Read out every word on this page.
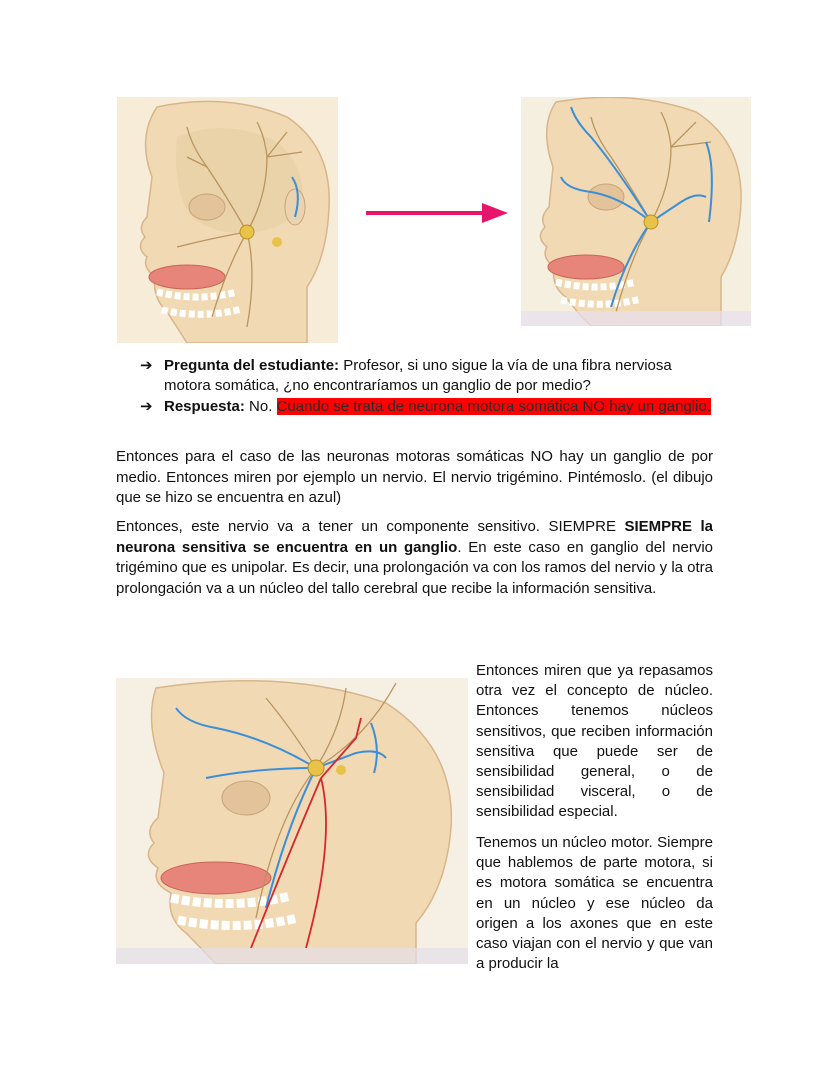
➔ Pregunta del estudiante: Profesor, si uno sigue la vía de una fibra nerviosa motora somática, ¿no encontraríamos un ganglio de por medio?
➔ Respuesta: No. Cuando se trata de neurona motora somática NO hay un ganglio.
Entonces para el caso de las neuronas motoras somáticas NO hay un ganglio de por medio. Entonces miren por ejemplo un nervio. El nervio trigémino. Pintémoslo. (el dibujo que se hizo se encuentra en azul)
Entonces, este nervio va a tener un componente sensitivo. SIEMPRE SIEMPRE la neurona sensitiva se encuentra en un ganglio. En este caso en ganglio del nervio trigémino que es unipolar. Es decir, una prolongación va con los ramos del nervio y la otra prolongación va a un núcleo del tallo cerebral que recibe la información sensitiva.
Entonces miren que ya repasamos otra vez el concepto de núcleo. Entonces tenemos núcleos sensitivos, que reciben información sensitiva que puede ser de sensibilidad general, o de sensibilidad visceral, o de sensibilidad especial.
Tenemos un núcleo motor. Siempre que hablemos de parte motora, si es motora somática se encuentra en un núcleo y ese núcleo da origen a los axones que en este caso viajan con el nervio y que van a producir la
